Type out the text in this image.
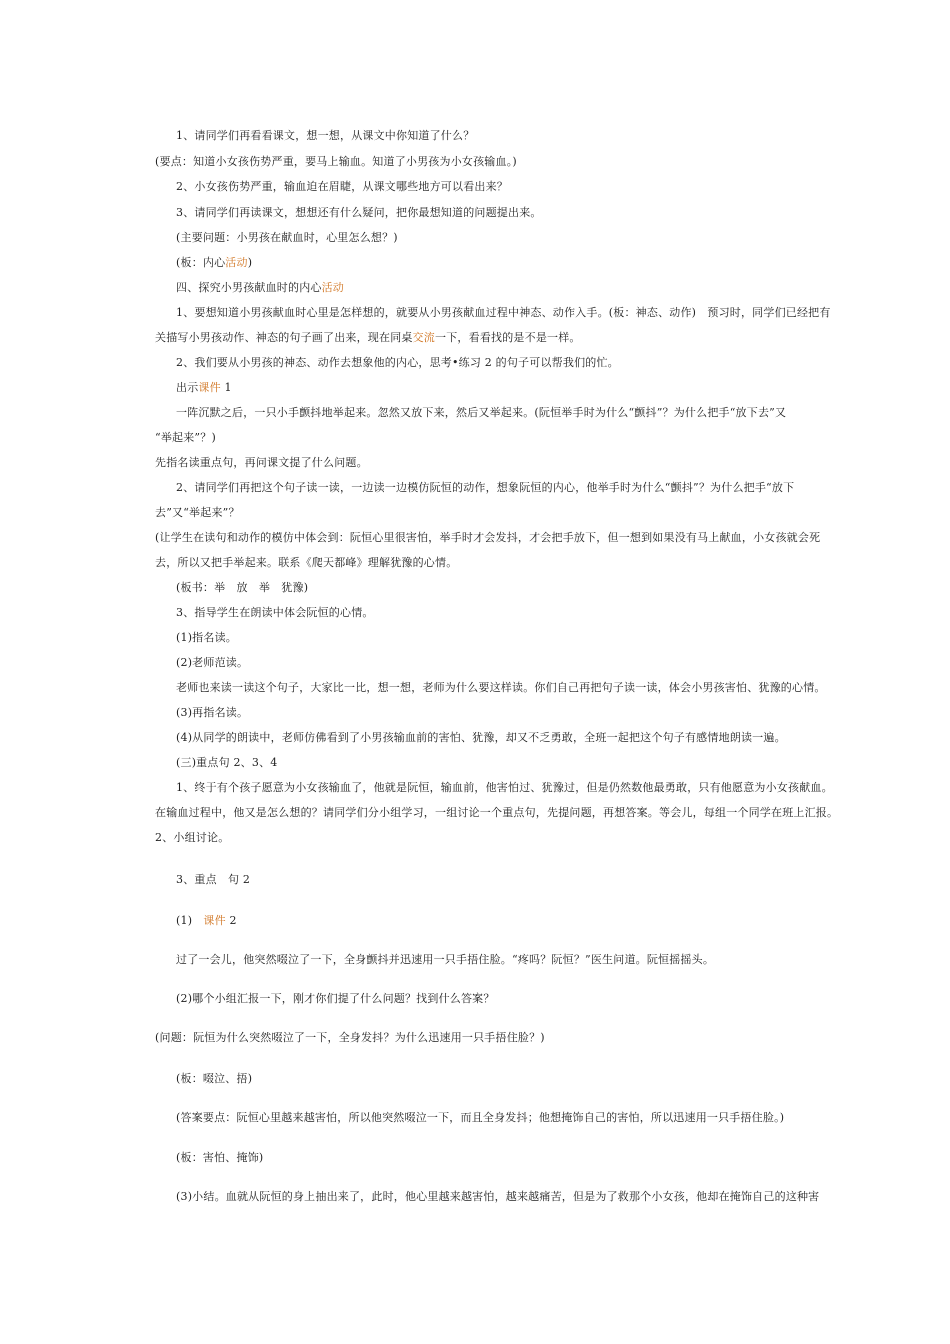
1、请同学们再看看课文，想一想，从课文中你知道了什么？
(要点：知道小女孩伤势严重，要马上输血。知道了小男孩为小女孩输血。)
2、小女孩伤势严重，输血迫在眉睫，从课文哪些地方可以看出来？
3、请同学们再读课文，想想还有什么疑问，把你最想知道的问题提出来。
(主要问题：小男孩在献血时，心里怎么想？)
(板：内心活动)
四、探究小男孩献血时的内心活动
1、要想知道小男孩献血时心里是怎样想的，就要从小男孩献血过程中神态、动作入手。(板：神态、动作)　预习时，同学们已经把有
关描写小男孩动作、神态的句子画了出来，现在同桌交流一下，看看找的是不是一样。
2、我们要从小男孩的神态、动作去想象他的内心，思考•练习 2 的句子可以帮我们的忙。
出示课件 1
一阵沉默之后，一只小手颤抖地举起来。忽然又放下来，然后又举起来。(阮恒举手时为什么“颤抖”？为什么把手“放下去”又
“举起来”？)
先指名读重点句，再问课文提了什么问题。
2、请同学们再把这个句子读一读，一边读一边模仿阮恒的动作，想象阮恒的内心，他举手时为什么“颤抖”？为什么把手“放下
去”又“举起来”？
(让学生在读句和动作的模仿中体会到：阮恒心里很害怕，举手时才会发抖，才会把手放下，但一想到如果没有马上献血，小女孩就会死
去，所以又把手举起来。联系《爬天都峰》理解犹豫的心情。
(板书：举　放　举　犹豫)
3、指导学生在朗读中体会阮恒的心情。
(1)指名读。
(2)老师范读。
老师也来读一读这个句子，大家比一比，想一想，老师为什么要这样读。你们自己再把句子读一读，体会小男孩害怕、犹豫的心情。
(3)再指名读。
(4)从同学的朗读中，老师仿佛看到了小男孩输血前的害怕、犹豫，却又不乏勇敢，全班一起把这个句子有感情地朗读一遍。
(三)重点句 2、3、4
1、终于有个孩子愿意为小女孩输血了，他就是阮恒，输血前，他害怕过、犹豫过，但是仍然数他最勇敢，只有他愿意为小女孩献血。
在输血过程中，他又是怎么想的？请同学们分小组学习，一组讨论一个重点句，先提问题，再想答案。等会儿，每组一个同学在班上汇报。
2、小组讨论。
3、重点　句 2
(1)　课件 2
过了一会儿，他突然啜泣了一下，全身颤抖并迅速用一只手捂住脸。“疼吗？阮恒？”医生问道。阮恒摇摇头。
(2)哪个小组汇报一下，刚才你们提了什么问题？找到什么答案？
(问题：阮恒为什么突然啜泣了一下，全身发抖？为什么迅速用一只手捂住脸？)
(板：啜泣、捂)
(答案要点：阮恒心里越来越害怕，所以他突然啜泣一下，而且全身发抖；他想掩饰自己的害怕，所以迅速用一只手捂住脸。)
(板：害怕、掩饰)
(3)小结。血就从阮恒的身上抽出来了，此时，他心里越来越害怕，越来越痛苦，但是为了救那个小女孩，他却在掩饰自己的这种害
